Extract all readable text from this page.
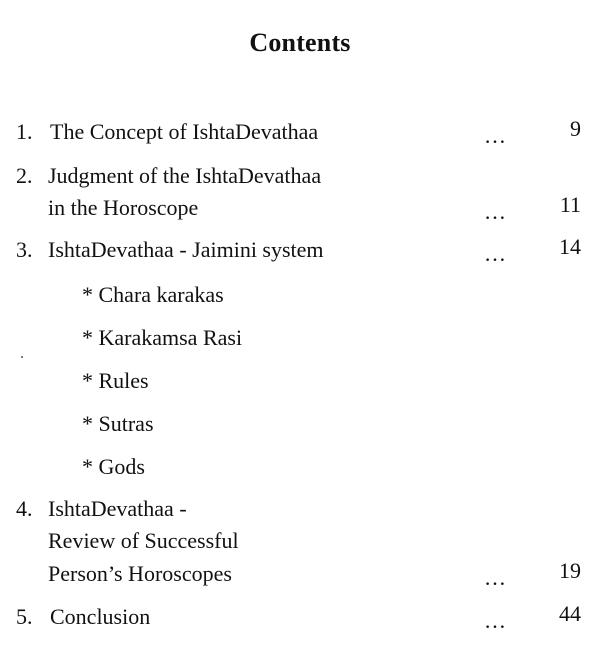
Contents
1. The Concept of IshtaDevathaa	…	9
2. Judgment of the IshtaDevathaa
in the Horoscope	…	11
3. IshtaDevathaa - Jaimini system	…	14
* Chara karakas
* Karakamsa Rasi
* Rules
* Sutras
* Gods
4. IshtaDevathaa -
Review of Successful
Person’s Horoscopes	…	19
5. Conclusion	…	44
